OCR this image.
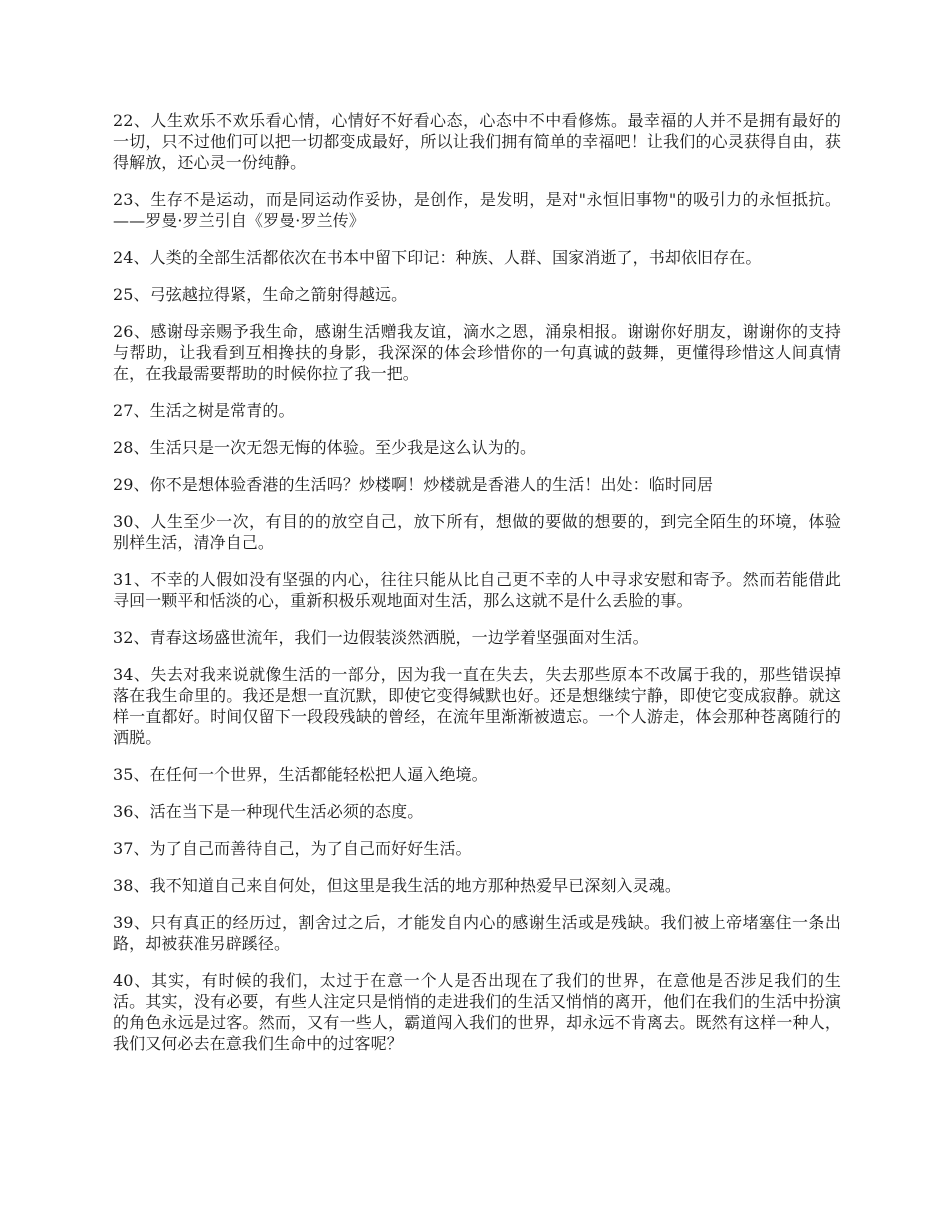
22、人生欢乐不欢乐看心情，心情好不好看心态，心态中不中看修炼。最幸福的人并不是拥有最好的一切，只不过他们可以把一切都变成最好，所以让我们拥有简单的幸福吧！让我们的心灵获得自由，获得解放，还心灵一份纯静。

23、生存不是运动，而是同运动作妥协，是创作，是发明，是对"永恒旧事物"的吸引力的永恒抵抗。 ——罗曼·罗兰引自《罗曼·罗兰传》

24、人类的全部生活都依次在书本中留下印记：种族、人群、国家消逝了，书却依旧存在。

25、弓弦越拉得紧，生命之箭射得越远。

26、感谢母亲赐予我生命，感谢生活赠我友谊，滴水之恩，涌泉相报。谢谢你好朋友，谢谢你的支持与帮助，让我看到互相搀扶的身影，我深深的体会珍惜你的一句真诚的鼓舞，更懂得珍惜这人间真情在，在我最需要帮助的时候你拉了我一把。

27、生活之树是常青的。

28、生活只是一次无怨无悔的体验。至少我是这么认为的。

29、你不是想体验香港的生活吗？炒楼啊！炒楼就是香港人的生活！出处：临时同居

30、人生至少一次，有目的的放空自己，放下所有，想做的要做的想要的，到完全陌生的环境，体验别样生活，清净自己。

31、不幸的人假如没有坚强的内心，往往只能从比自己更不幸的人中寻求安慰和寄予。然而若能借此寻回一颗平和恬淡的心，重新积极乐观地面对生活，那么这就不是什么丢脸的事。

32、青春这场盛世流年，我们一边假装淡然洒脱，一边学着坚强面对生活。

34、失去对我来说就像生活的一部分，因为我一直在失去，失去那些原本不改属于我的，那些错误掉落在我生命里的。我还是想一直沉默，即使它变得缄默也好。还是想继续宁静，即使它变成寂静。就这样一直都好。时间仅留下一段段残缺的曾经，在流年里渐渐被遗忘。一个人游走，体会那种苍离随行的洒脱。

35、在任何一个世界，生活都能轻松把人逼入绝境。

36、活在当下是一种现代生活必须的态度。

37、为了自己而善待自己，为了自己而好好生活。

38、我不知道自己来自何处，但这里是我生活的地方那种热爱早已深刻入灵魂。

39、只有真正的经历过，割舍过之后，才能发自内心的感谢生活或是残缺。我们被上帝堵塞住一条出路，却被获准另辟蹊径。

40、其实，有时候的我们，太过于在意一个人是否出现在了我们的世界，在意他是否涉足我们的生活。其实，没有必要，有些人注定只是悄悄的走进我们的生活又悄悄的离开，他们在我们的生活中扮演的角色永远是过客。然而，又有一些人，霸道闯入我们的世界，却永远不肯离去。既然有这样一种人，我们又何必去在意我们生命中的过客呢？
